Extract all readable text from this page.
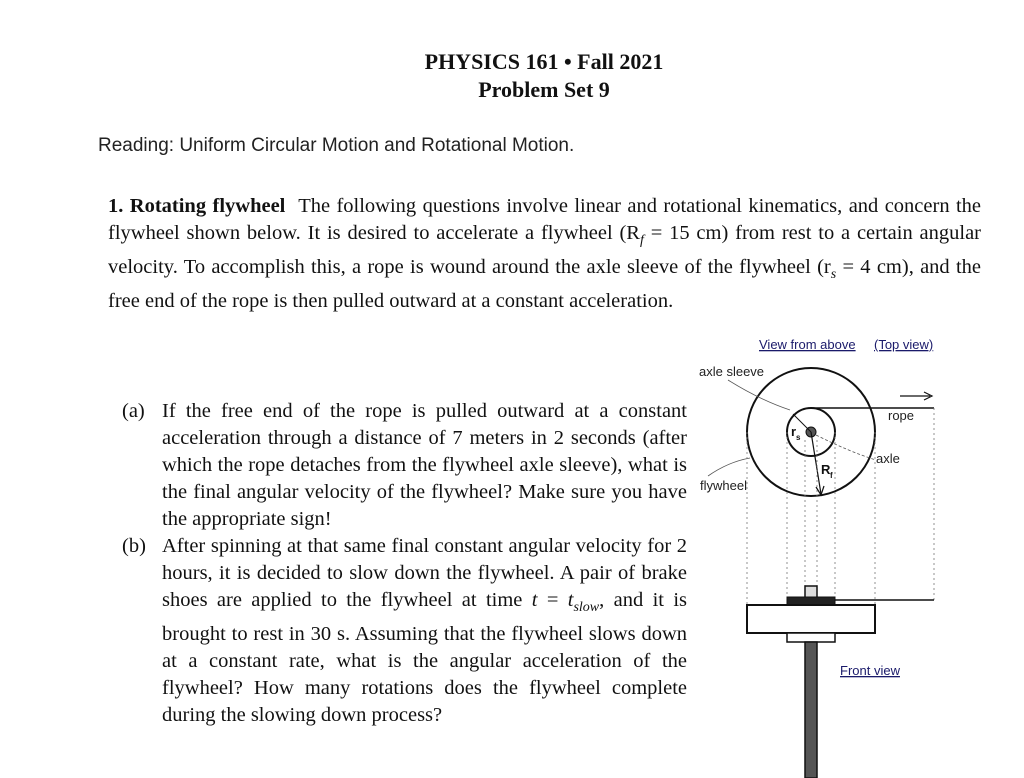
PHYSICS 161 • Fall 2021
Problem Set 9
Reading: Uniform Circular Motion and Rotational Motion.
1. Rotating flywheel The following questions involve linear and rotational kinematics, and concern the flywheel shown below. It is desired to accelerate a flywheel ($R_f = 15$ cm) from rest to a certain angular velocity. To accomplish this, a rope is wound around the axle sleeve of the flywheel ($r_s = 4$ cm), and the free end of the rope is then pulled outward at a constant acceleration.
(a) If the free end of the rope is pulled outward at a constant acceleration through a distance of 7 meters in 2 seconds (after which the rope detaches from the flywheel axle sleeve), what is the final angular velocity of the flywheel? Make sure you have the appropriate sign!
(b) After spinning at that same final constant angular velocity for 2 hours, it is decided to slow down the flywheel. A pair of brake shoes are applied to the flywheel at time $t = t_{slow}$, and it is brought to rest in 30 s. Assuming that the flywheel slows down at a constant rate, what is the angular acceleration of the flywheel? How many rotations does the flywheel complete during the slowing down process?
View from above (Top view)
axle sleeve
rope
axle
r s
R f
flywheel
Front view
